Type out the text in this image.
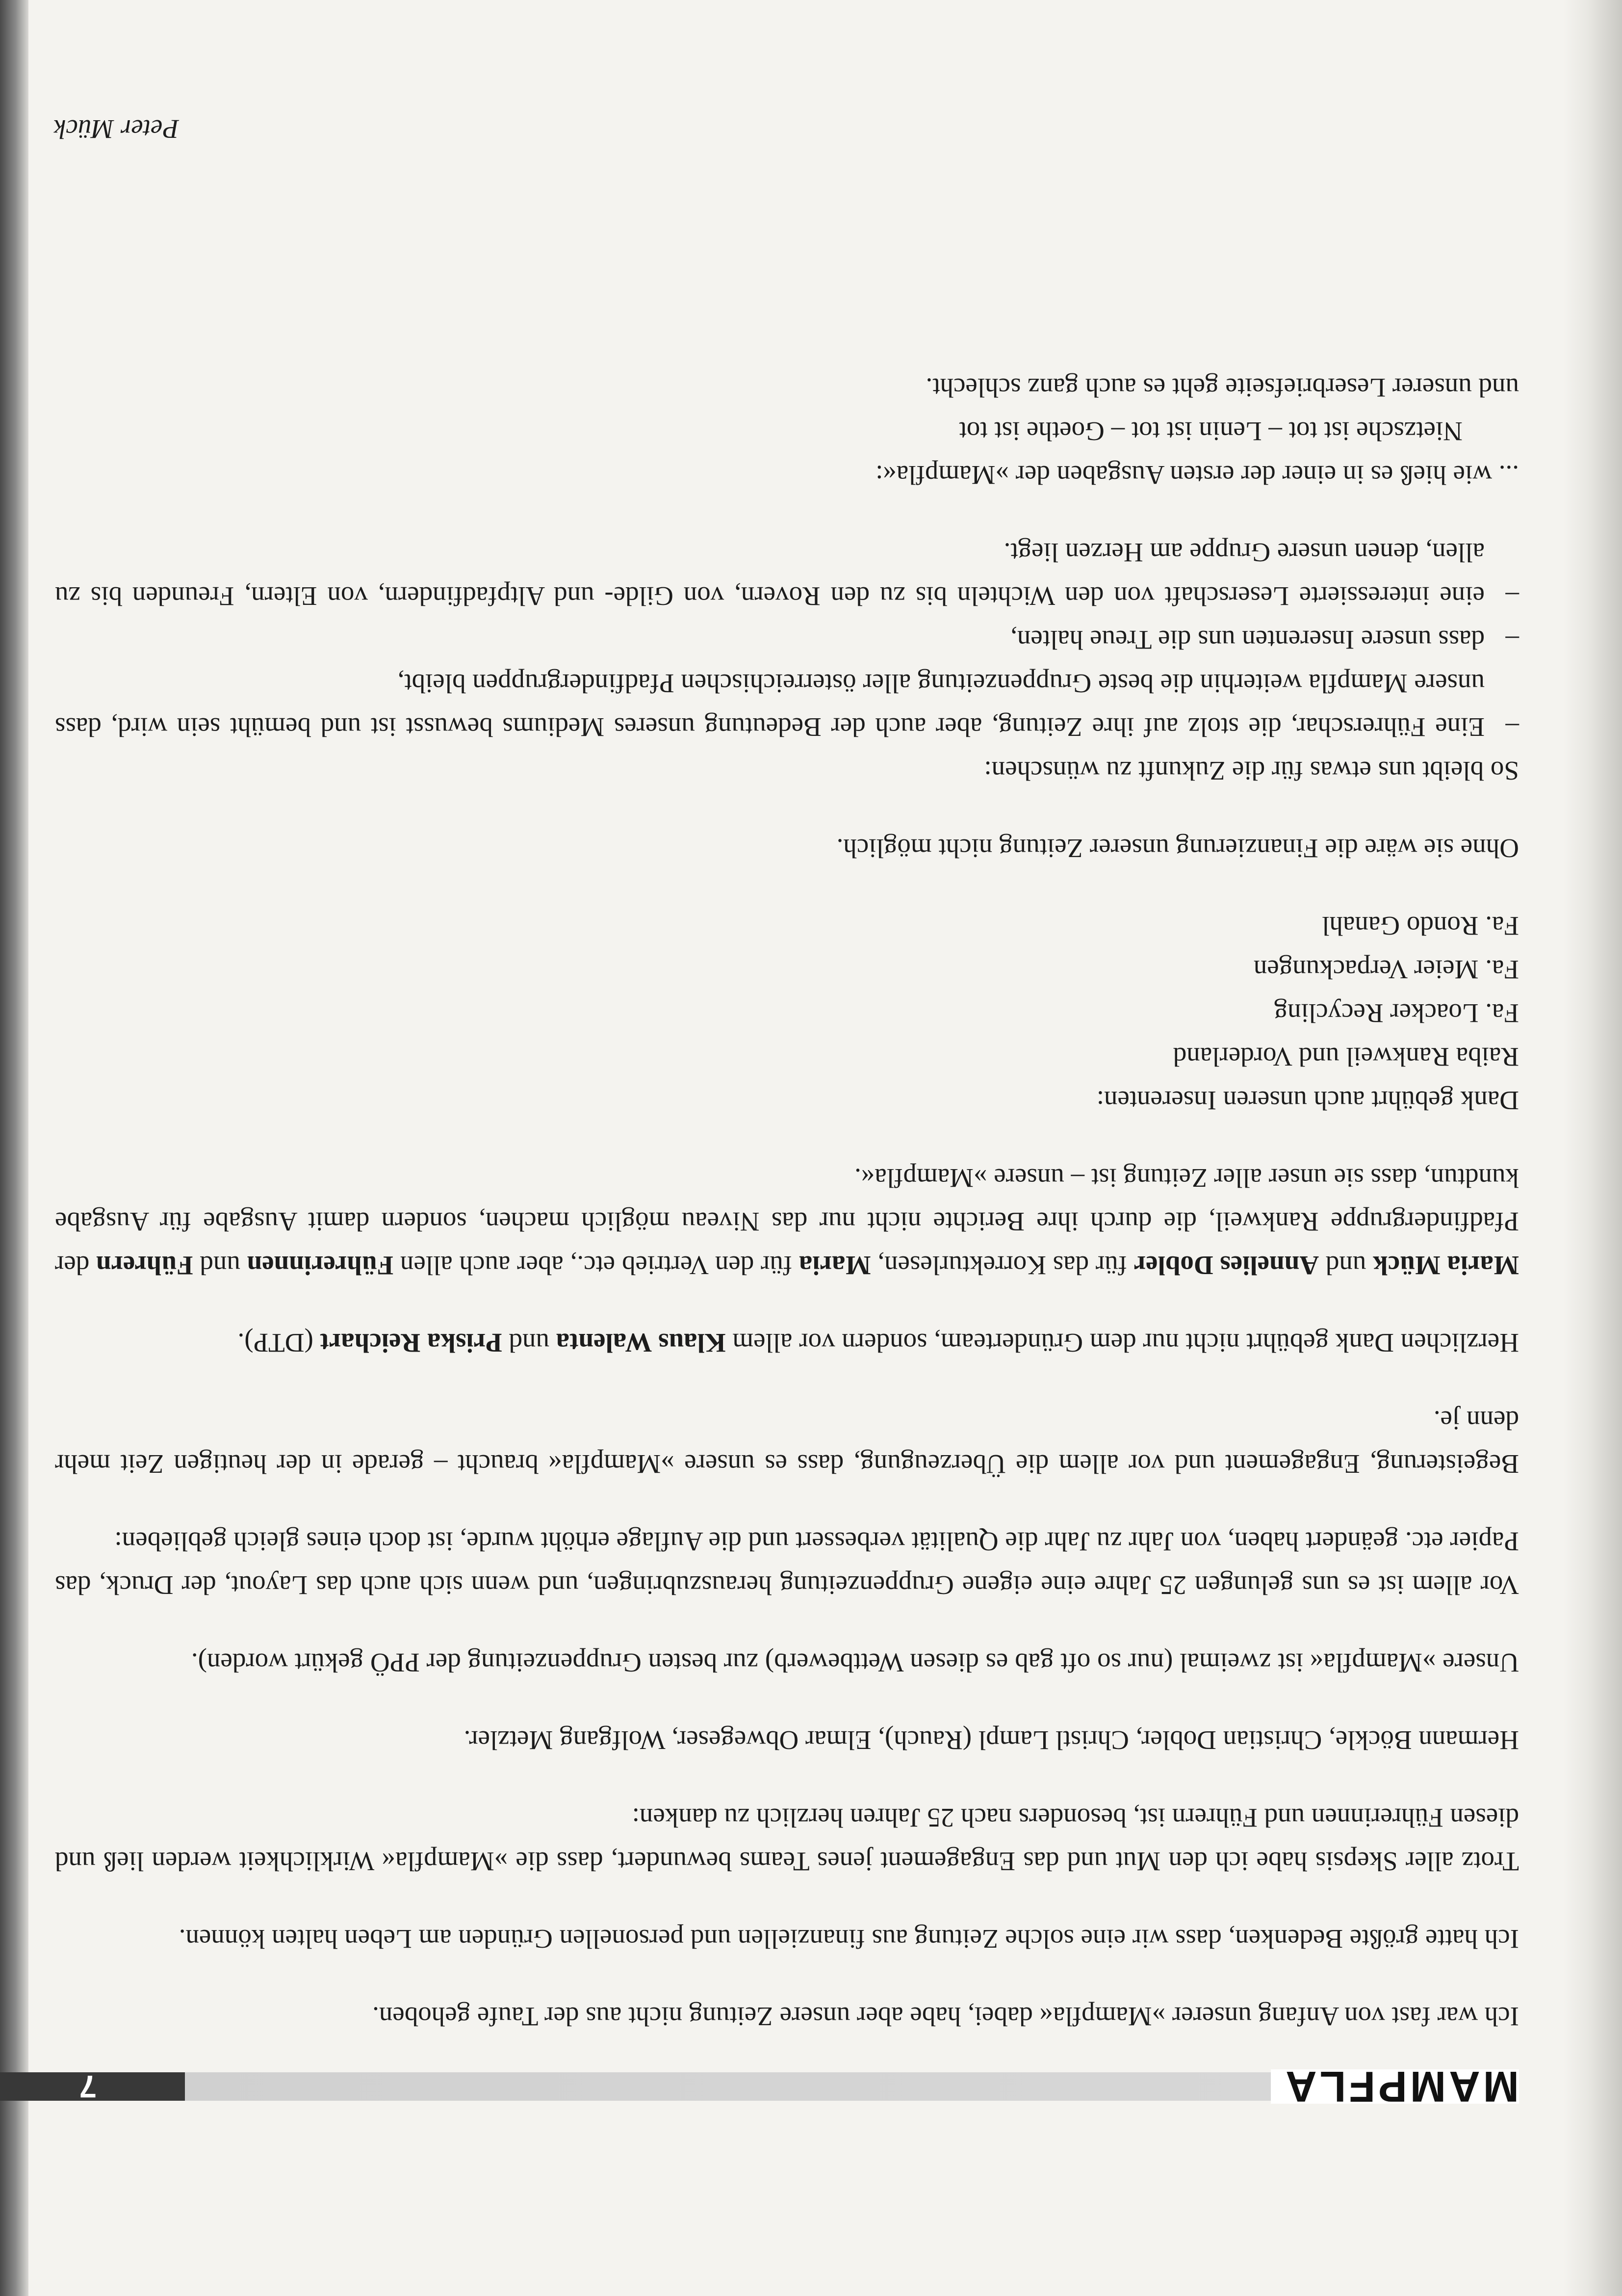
MAMPFLA
7

Ich war fast von Anfang unserer »Mampfla« dabei, habe aber unsere Zeitung nicht aus der Taufe gehoben.

Ich hatte größte Bedenken, dass wir eine solche Zeitung aus finanziellen und personellen Gründen am Leben halten können.

Trotz aller Skepsis habe ich den Mut und das Engagement jenes Teams bewundert, dass die »Mampfla« Wirklichkeit werden ließ und diesen Führerinnen und Führern ist, besonders nach 25 Jahren herzlich zu danken:

Hermann Böckle, Christian Dobler, Christl Lampl (Rauch), Elmar Obwegeser, Wolfgang Metzler.

Unsere »Mampfla« ist zweimal (nur so oft gab es diesen Wettbewerb) zur besten Gruppenzeitung der PPÖ gekürt worden).

Vor allem ist es uns gelungen 25 Jahre eine eigene Gruppenzeitung herauszubringen, und wenn sich auch das Layout, der Druck, das Papier etc. geändert haben, von Jahr zu Jahr die Qualität verbessert und die Auflage erhöht wurde, ist doch eines gleich geblieben:

Begeisterung, Engagement und vor allem die Überzeugung, dass es unsere »Mampfla« braucht – gerade in der heutigen Zeit mehr denn je.

Herzlichen Dank gebührt nicht nur dem Gründerteam, sondern vor allem Klaus Walenta und Priska Reichart (DTP).

Maria Mück und Annelies Dobler für das Korrekturlesen, Maria für den Vertrieb etc., aber auch allen Führerinnen und Führern der Pfadfindergruppe Rankweil, die durch ihre Berichte nicht nur das Niveau möglich machen, sondern damit Ausgabe für Ausgabe kundtun, dass sie unser aller Zeitung ist – unsere »Mampfla«.

Dank gebührt auch unseren Inserenten:
Raiba Rankweil und Vorderland
Fa. Loacker Recycling
Fa. Meier Verpackungen
Fa. Rondo Ganahl

Ohne sie wäre die Finanzierung unserer Zeitung nicht möglich.

So bleibt uns etwas für die Zukunft zu wünschen:
–
Eine Führerschar, die stolz auf ihre Zeitung, aber auch der Bedeutung unseres Mediums bewusst ist und bemüht sein wird, dass unsere Mampfla weiterhin die beste Gruppenzeitung aller österreichischen Pfadfindergruppen bleibt,
–
dass unsere Inserenten uns die Treue halten,
–
eine interessierte Leserschaft von den Wichteln bis zu den Rovern, von Gilde- und Altpfadfindern, von Eltern, Freunden bis zu allen, denen unsere Gruppe am Herzen liegt.
... wie hieß es in einer der ersten Ausgaben der »Mampfla«:
Nietzsche ist tot – Lenin ist tot – Goethe ist tot
und unserer Leserbriefseite geht es auch ganz schlecht.
Peter Mück
